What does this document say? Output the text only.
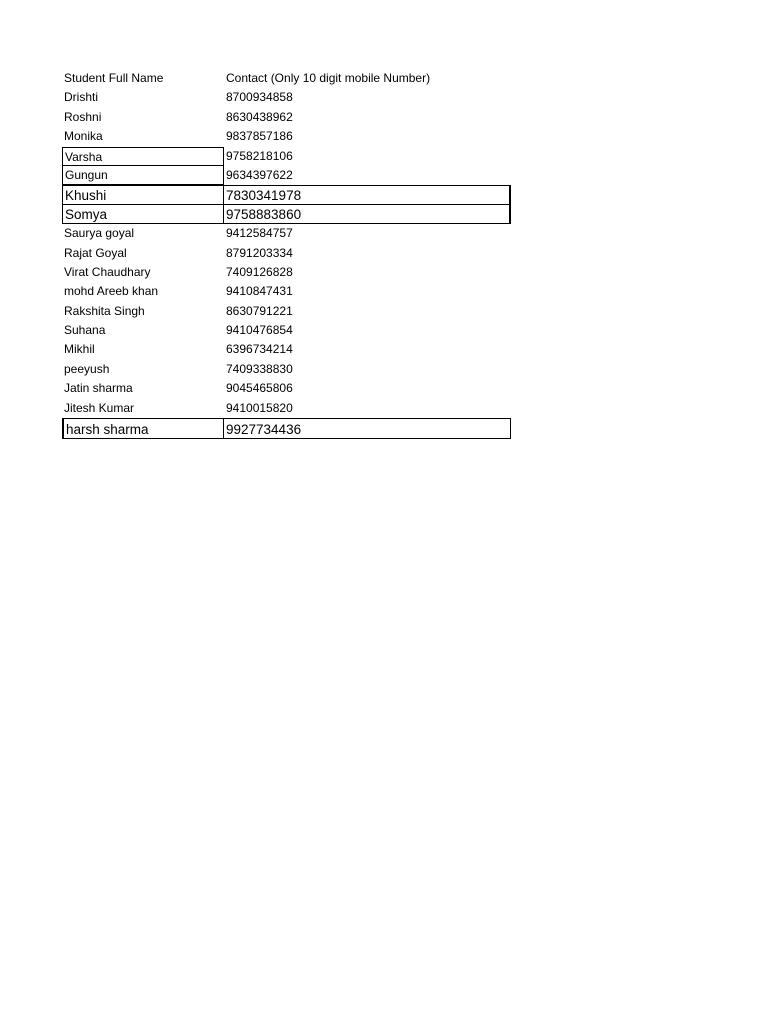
Student Full Name	Contact (Only 10 digit mobile Number)
Drishti	8700934858
Roshni	8630438962
Monika	9837857186
Varsha	9758218106
Gungun	9634397622
Khushi	7830341978
Somya	9758883860
Saurya goyal	9412584757
Rajat Goyal	8791203334
Virat Chaudhary	7409126828
mohd Areeb khan	9410847431
Rakshita Singh	8630791221
Suhana	9410476854
Mikhil	6396734214
peeyush	7409338830
Jatin sharma	9045465806
Jitesh Kumar	9410015820
harsh sharma	9927734436
